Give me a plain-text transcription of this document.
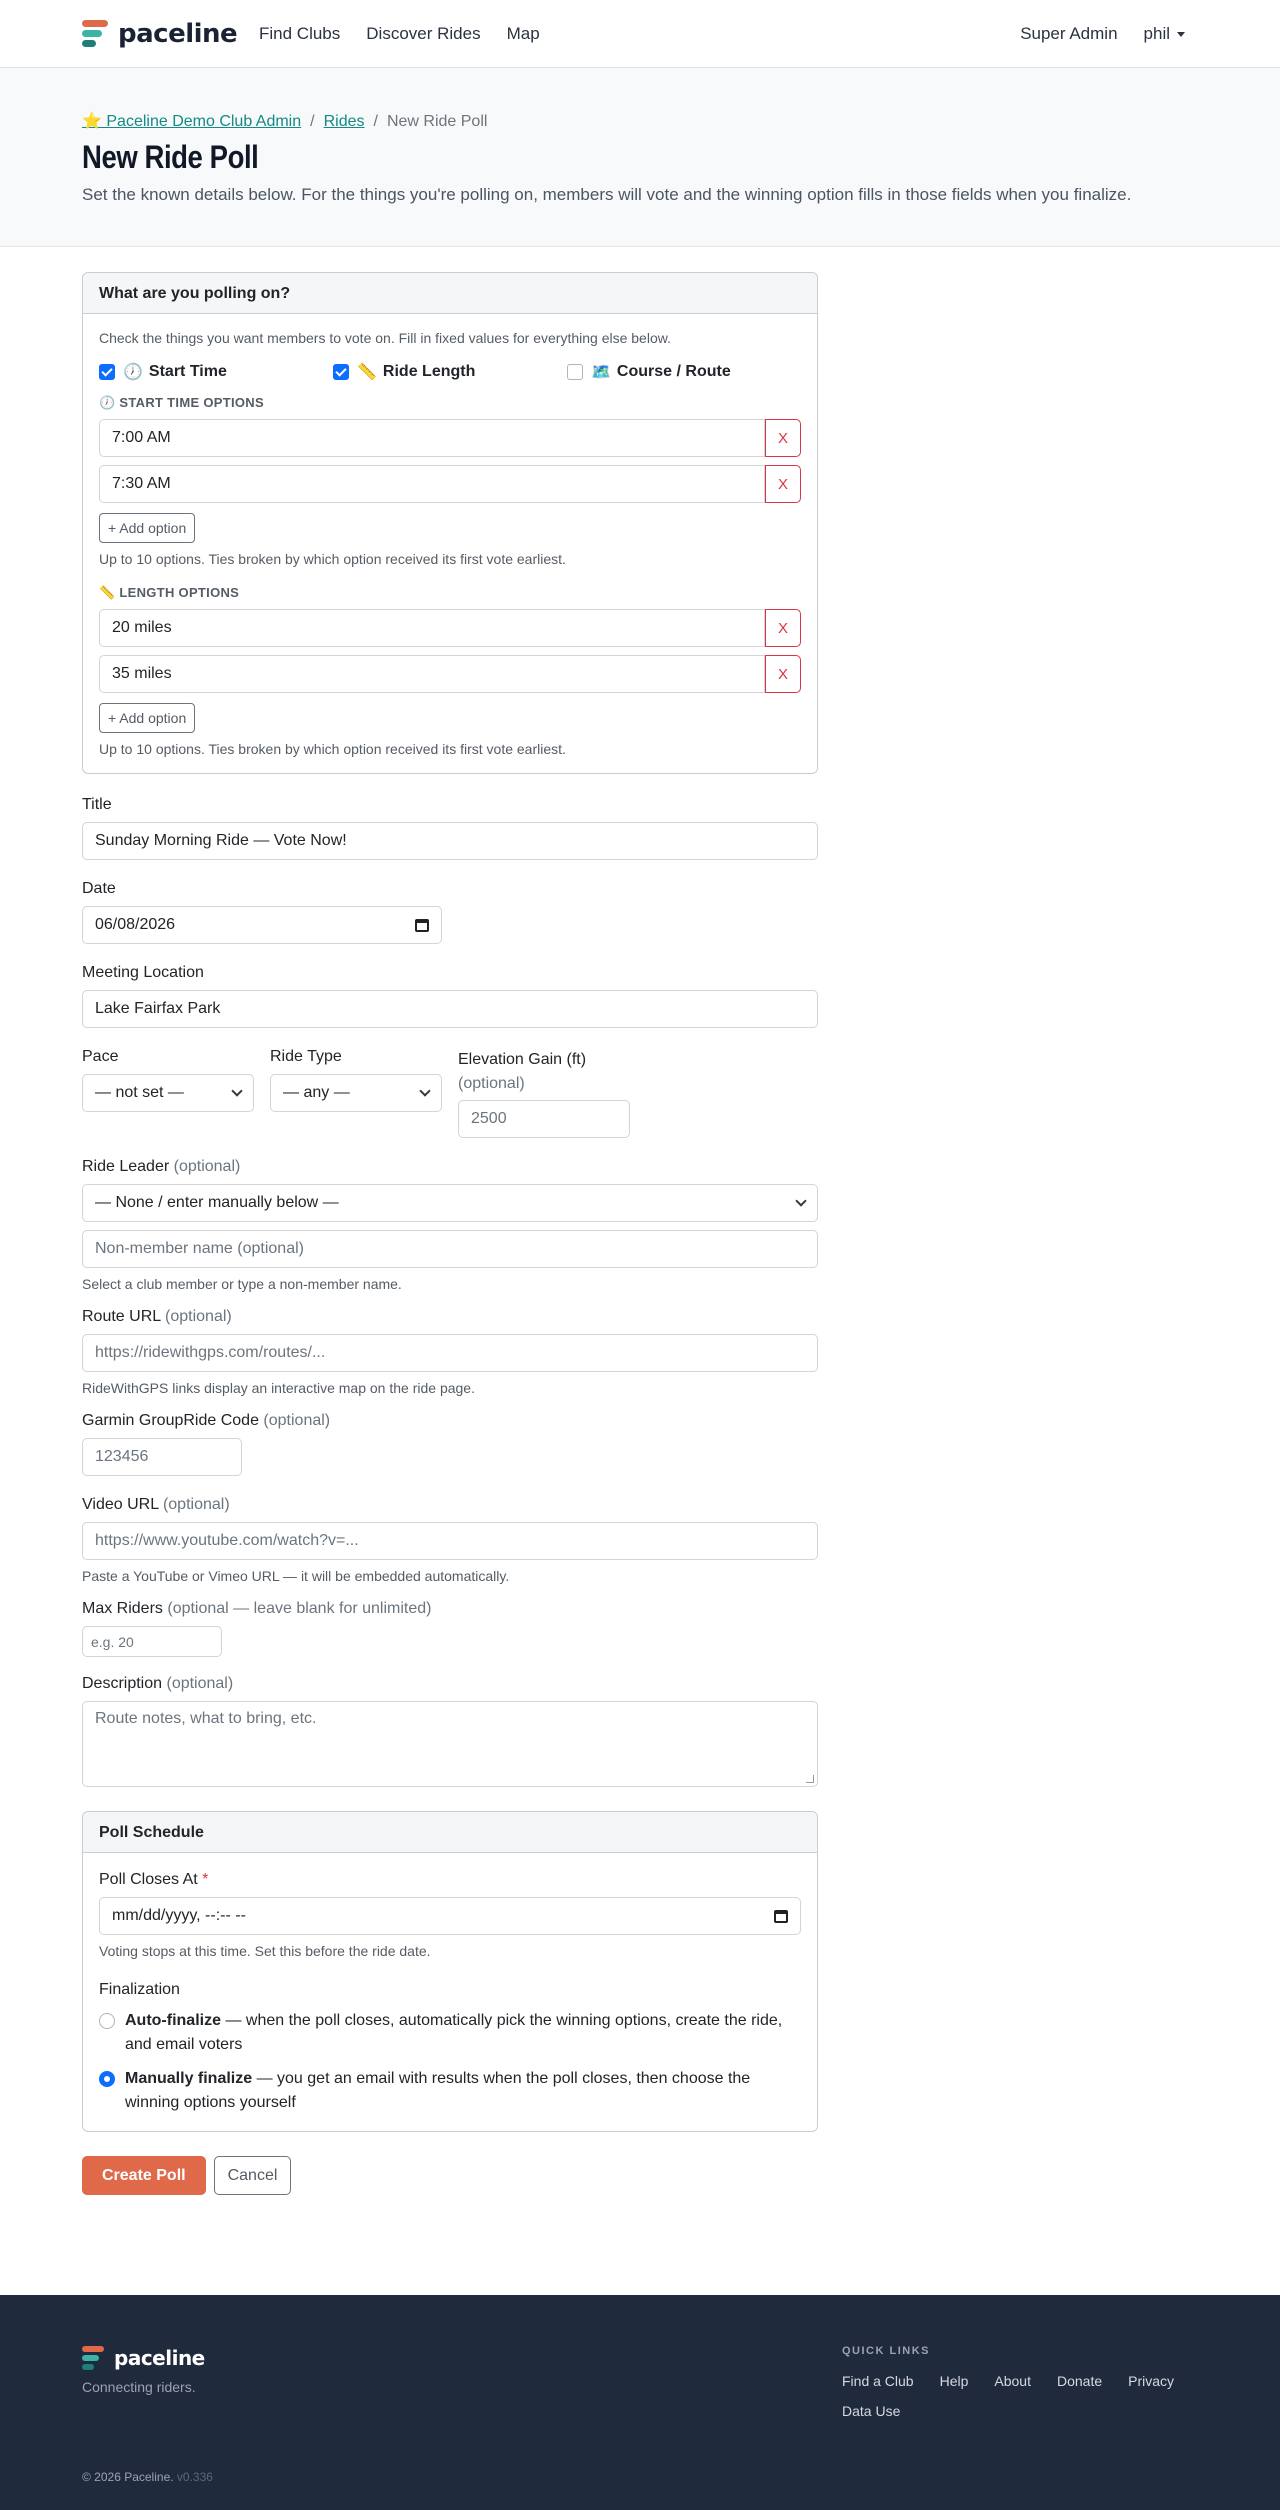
paceline Find Clubs Discover Rides Map	Super Admin phil
⭐ Paceline Demo Club Admin / Rides / New Ride Poll
New Ride Poll

Set the known details below. For the things you're polling on, members will vote and the winning option fills in those fields when you finalize.

What are you polling on?
Check the things you want members to vote on. Fill in fixed values for everything else below.
🕖 Start Time	📏 Ride Length	🗺️ Course / Route
🕖 START TIME OPTIONS
7:00 AM	X
7:30 AM	X
+ Add option
Up to 10 options. Ties broken by which option received its first vote earliest.
📏 LENGTH OPTIONS
20 miles	X
35 miles	X
+ Add option
Up to 10 options. Ties broken by which option received its first vote earliest.
Title
Sunday Morning Ride — Vote Now!
Date
06/08/2026
Meeting Location
Lake Fairfax Park
Pace
— not set —
Ride Type
— any —
Elevation Gain (ft)
(optional)
2500
Ride Leader (optional)
— None / enter manually below —
Non-member name (optional)
Select a club member or type a non-member name.
Route URL (optional)
https://ridewithgps.com/routes/...
RideWithGPS links display an interactive map on the ride page.
Garmin GroupRide Code (optional)
123456
Video URL (optional)
https://www.youtube.com/watch?v=...
Paste a YouTube or Vimeo URL — it will be embedded automatically.
Max Riders (optional — leave blank for unlimited)
e.g. 20
Description (optional)
Route notes, what to bring, etc.
Poll Schedule
Poll Closes At *
mm/dd/yyyy, --:-- --
Voting stops at this time. Set this before the ride date.
Finalization
Auto-finalize — when the poll closes, automatically pick the winning options, create the ride, and email voters
Manually finalize — you get an email with results when the poll closes, then choose the winning options yourself
Create Poll	Cancel
paceline
Connecting riders.
QUICK LINKS
Find a Club Help About Donate Privacy
Data Use
© 2026 Paceline. v0.336
